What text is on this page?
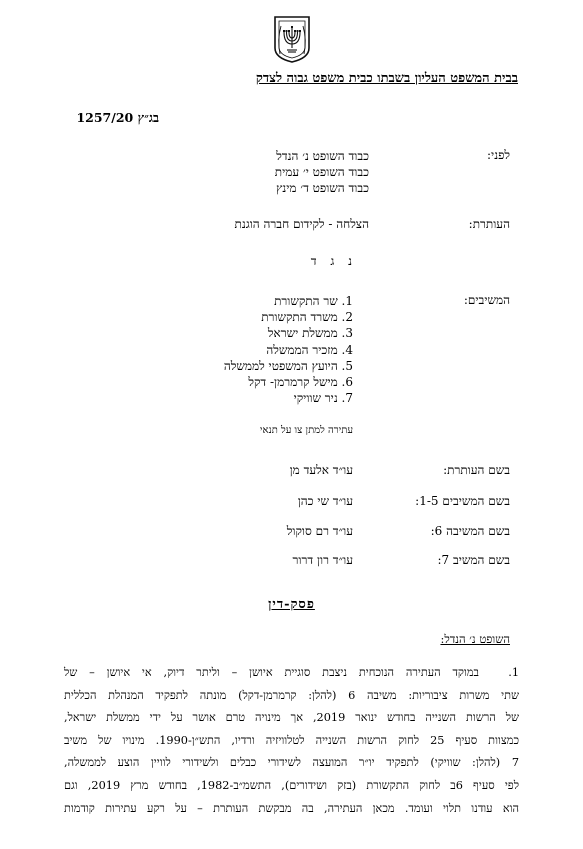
בבית המשפט העליון בשבתו כבית משפט גבוה לצדק
בג״ץ 1257/20
לפני:
כבוד השופט נ׳ הנדל
כבוד השופט י׳ עמית
כבוד השופט ד׳ מינץ
העותרת:
הצלחה - לקידום חברה הוגנת
נ ג ד
המשיבים:
1. שר התקשורת
2. משרד התקשורת
3. ממשלת ישראל
4. מזכיר הממשלה
5. היועץ המשפטי לממשלה
6. מישל קרמרמן- דקל
7. ניר שוויקי
עתירה למתן צו על תנאי
בשם העותרת:
עו״ד אלעד מן
בשם המשיבים 1-5:
עו״ד שי כהן
בשם המשיבה 6:
עו״ד רם סוקול
בשם המשיב 7:
עו״ד רון דרור
פסק-דין
השופט נ׳ הנדל:
1.במוקד העתירה הנוכחית ניצבת סוגיית איושן – וליתר דיוק, אי איושן – של
שתי משרות ציבוריות: משיבה 6 (להלן: קרמרמן-דקל) מונתה לתפקיד המנהלת הכללית
של הרשות השנייה בחודש ינואר 2019, אך מינויה טרם אושר על ידי ממשלת ישראל,
כמצוות סעיף 25 לחוק הרשות השנייה לטלוויזיה ורדיו, התש״ן-1990. מינויו של משיב
7 (להלן: שוויקי) לתפקיד יו״ר המועצה לשידורי כבלים ולשידורי לוויין הוצע לממשלה,
לפי סעיף 6ב לחוק התקשורת (בזק ושידורים), התשמ״ב-1982, בחודש מרץ 2019, וגם
הוא עודנו תלוי ועומד. מכאן העתירה, בה מבקשת העותרת – על רקע עתירות קודמות
